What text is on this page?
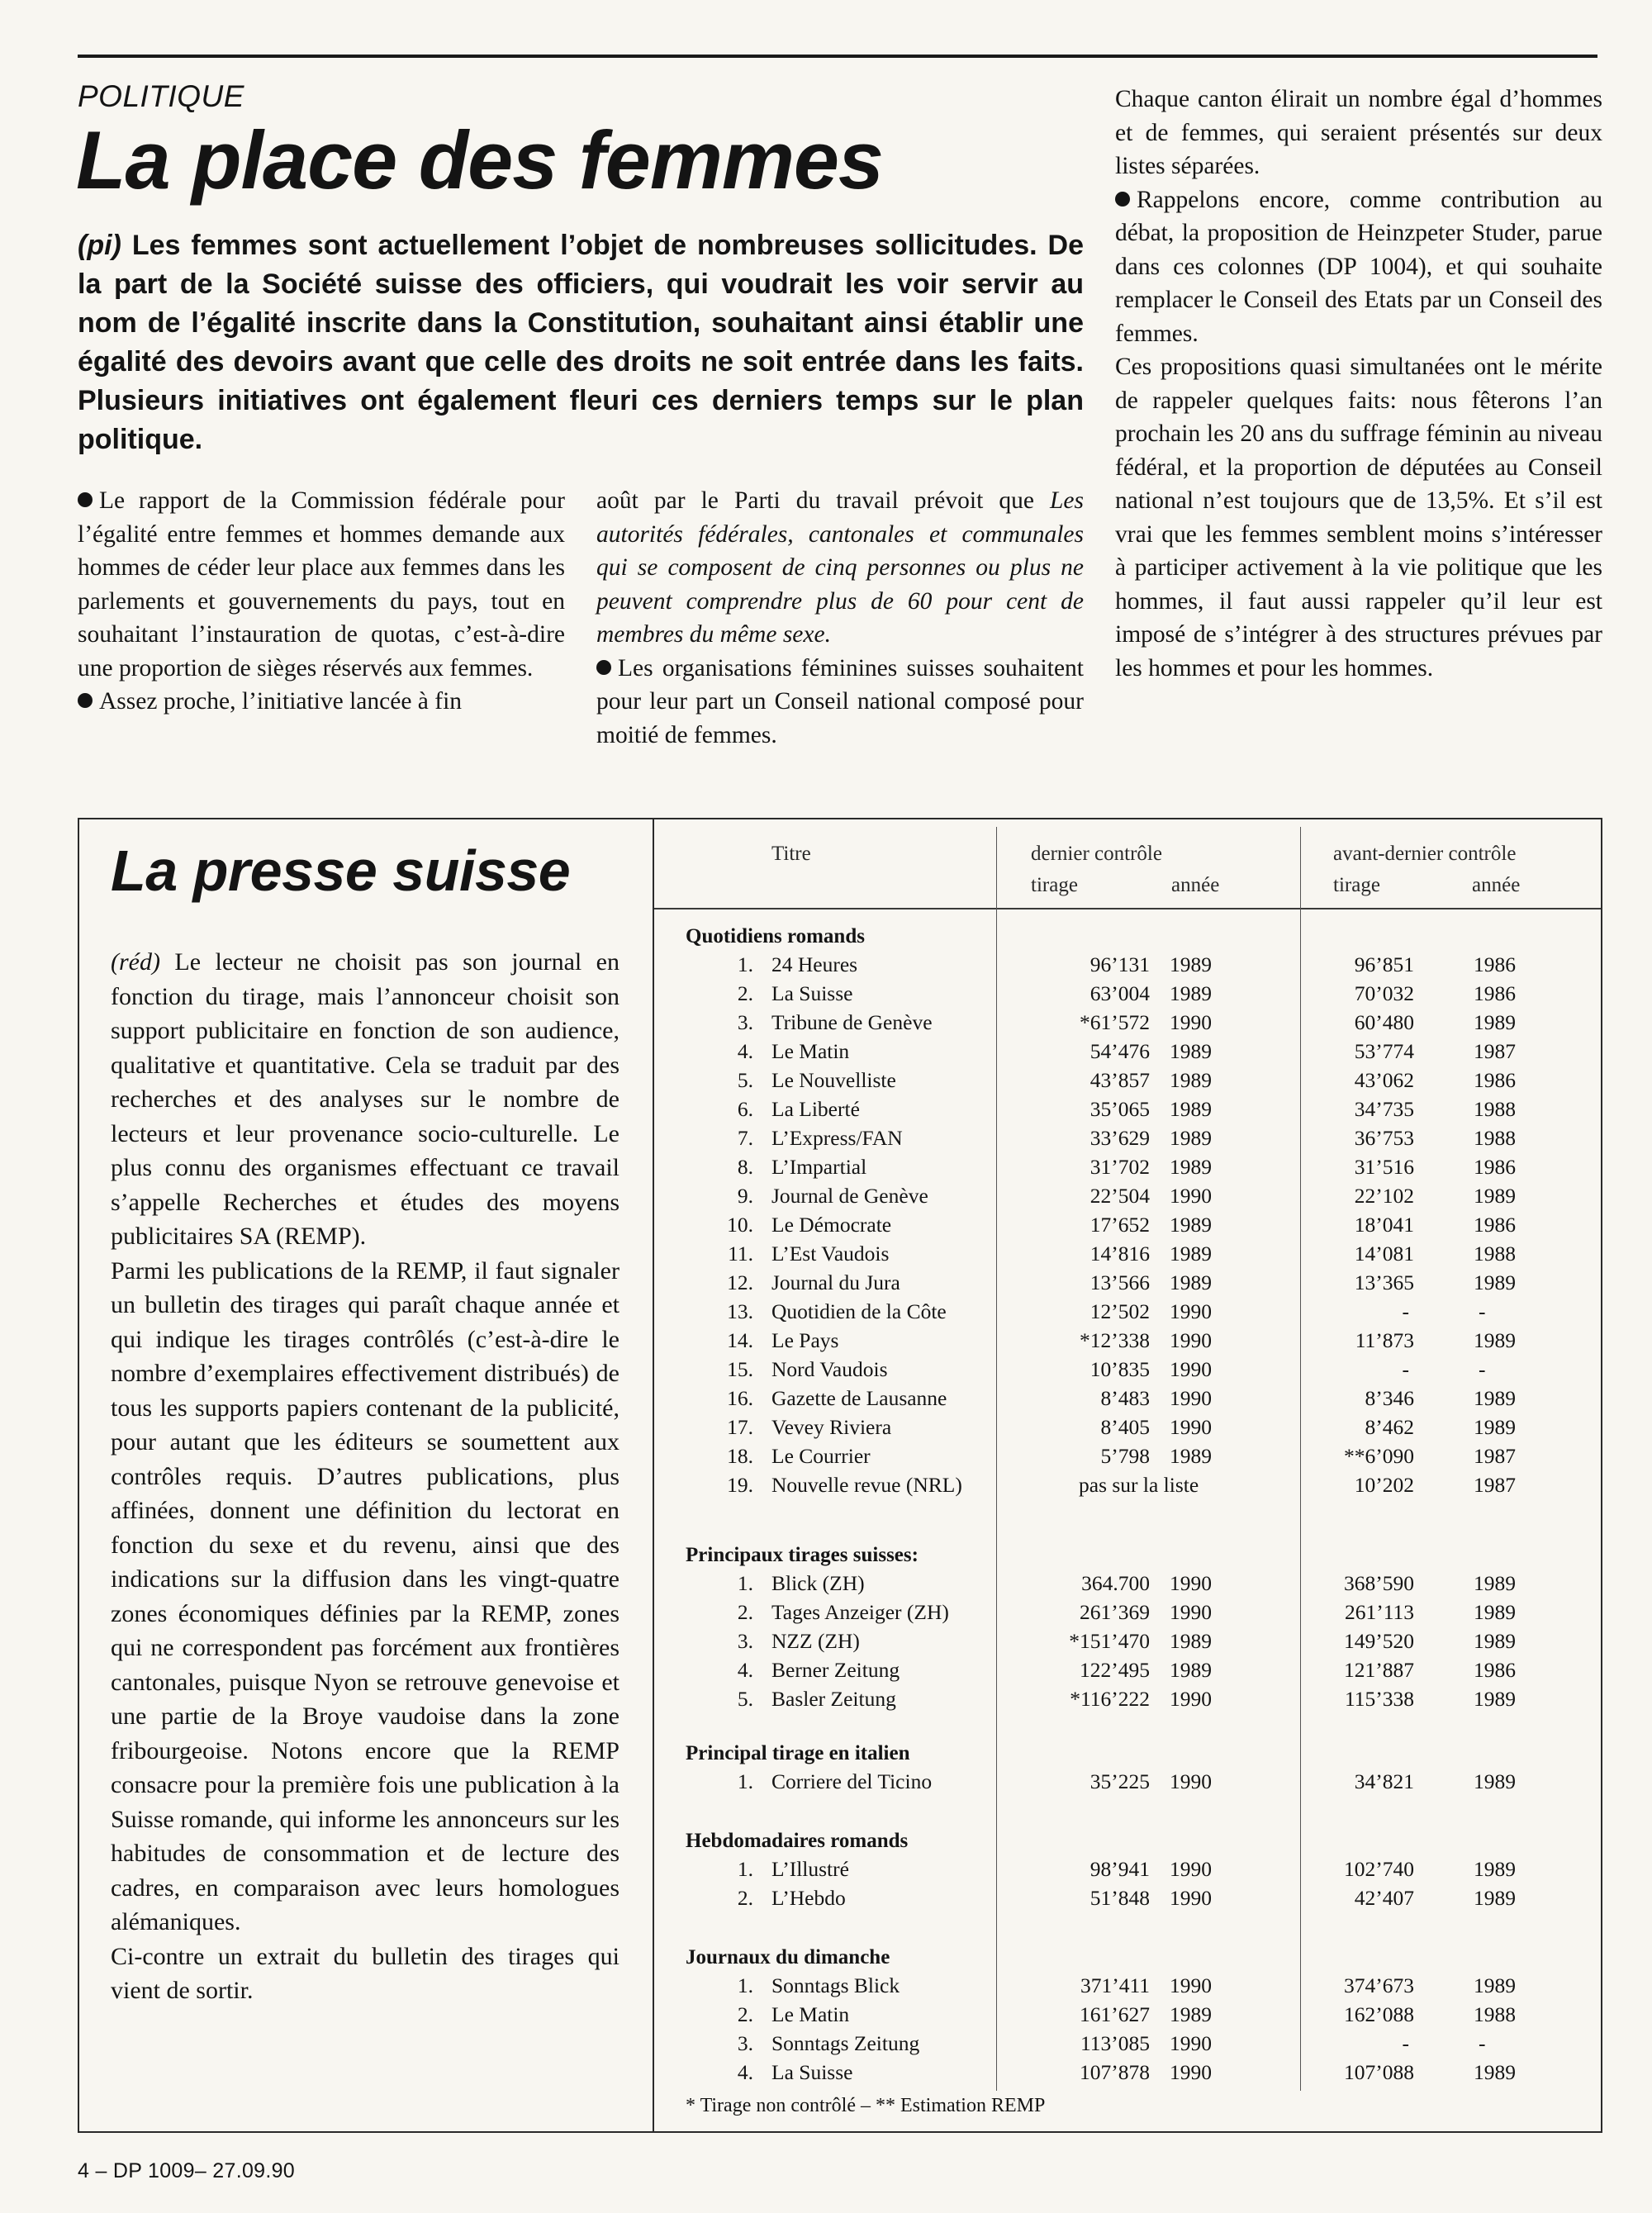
POLITIQUE
La place des femmes
(pi) Les femmes sont actuellement l’objet de nombreuses sollicitudes. De la part de la Société suisse des officiers, qui voudrait les voir servir au nom de l’égalité inscrite dans la Constitution, souhaitant ainsi établir une égalité des devoirs avant que celle des droits ne soit entrée dans les faits. Plusieurs initiatives ont également fleuri ces derniers temps sur le plan politique.

Le rapport de la Commission fédérale pour l’égalité entre femmes et hommes demande aux hommes de céder leur place aux femmes dans les parlements et gouvernements du pays, tout en souhaitant l’instauration de quotas, c’est-à-dire une proportion de sièges réservés aux femmes.

Assez proche, l’initiative lancée à fin

août par le Parti du travail prévoit que Les autorités fédérales, cantonales et communales qui se composent de cinq personnes ou plus ne peuvent comprendre plus de 60 pour cent de membres du même sexe.

Les organisations féminines suisses souhaitent pour leur part un Conseil national composé pour moitié de femmes.

Chaque canton élirait un nombre égal d’hommes et de femmes, qui seraient présentés sur deux listes séparées.

Rappelons encore, comme contribution au débat, la proposition de Heinzpeter Studer, parue dans ces colonnes (DP 1004), et qui souhaite remplacer le Conseil des Etats par un Conseil des femmes.

Ces propositions quasi simultanées ont le mérite de rappeler quelques faits: nous fêterons l’an prochain les 20 ans du suffrage féminin au niveau fédéral, et la proportion de députées au Conseil national n’est toujours que de 13,5%. Et s’il est vrai que les femmes semblent moins s’intéresser à participer activement à la vie politique que les hommes, il faut aussi rappeler qu’il leur est imposé de s’intégrer à des structures prévues par les hommes et pour les hommes.

La presse suisse

(réd) Le lecteur ne choisit pas son journal en fonction du tirage, mais l’annonceur choisit son support publicitaire en fonction de son audience, qualitative et quantitative. Cela se traduit par des recherches et des analyses sur le nombre de lecteurs et leur provenance socio-culturelle. Le plus connu des organismes effectuant ce travail s’appelle Recherches et études des moyens publicitaires SA (REMP).

Parmi les publications de la REMP, il faut signaler un bulletin des tirages qui paraît chaque année et qui indique les tirages contrôlés (c’est-à-dire le nombre d’exemplaires effectivement distribués) de tous les supports papiers contenant de la publicité, pour autant que les éditeurs se soumettent aux contrôles requis. D’autres publications, plus affinées, donnent une définition du lectorat en fonction du sexe et du revenu, ainsi que des indications sur la diffusion dans les vingt-quatre zones économiques définies par la REMP, zones qui ne correspondent pas forcément aux frontières cantonales, puisque Nyon se retrouve genevoise et une partie de la Broye vaudoise dans la zone fribourgeoise. Notons encore que la REMP consacre pour la première fois une publication à la Suisse romande, qui informe les annonceurs sur les habitudes de consommation et de lecture des cadres, en comparaison avec leurs homologues alémaniques.

Ci-contre un extrait du bulletin des tirages qui vient de sortir.

Titre	dernier contrôle
tirage	année
avant-dernier contrôle
tirage	année
Quotidiens romands
1. 24 Heures	96’131 1989	96’851	1986
2. La Suisse	63’004 1989	70’032	1986
3. Tribune de Genève	*61’572 1990	60’480	1989
4. Le Matin	54’476 1989	53’774	1987
5. Le Nouvelliste	43’857 1989	43’062	1986
6. La Liberté	35’065 1989	34’735	1988
7. L’Express/FAN	33’629 1989	36’753	1988
8. L’Impartial	31’702 1989	31’516	1986
9. Journal de Genève	22’504 1990	22’102	1989
10. Le Démocrate	17’652 1989	18’041	1986
11. L’Est Vaudois	14’816 1989	14’081	1988
12. Journal du Jura	13’566 1989	13’365	1989
13. Quotidien de la Côte	12’502 1990	-	-
14. Le Pays	*12’338 1990	11’873	1989
15. Nord Vaudois	10’835 1990	-	-
16. Gazette de Lausanne	8’483 1990	8’346	1989
17. Vevey Riviera	8’405 1990	8’462	1989
18. Le Courrier	5’798 1989	**6’090	1987
19. Nouvelle revue (NRL)	pas sur la liste	10’202	1987
Principaux tirages suisses:
1. Blick (ZH)	364.700 1990	368’590	1989
2. Tages Anzeiger (ZH)	261’369 1990	261’113	1989
3. NZZ (ZH)	*151’470 1989	149’520	1989
4. Berner Zeitung	122’495 1989	121’887	1986
5. Basler Zeitung	*116’222 1990	115’338	1989
Principal tirage en italien
1. Corriere del Ticino	35’225 1990	34’821	1989
Hebdomadaires romands
1. L’Illustré	98’941 1990	102’740	1989
2. L’Hebdo	51’848 1990	42’407	1989
Journaux du dimanche
1. Sonntags Blick	371’411 1990	374’673	1989
2. Le Matin	161’627 1989	162’088	1988
3. Sonntags Zeitung	113’085 1990	-	-
4. La Suisse	107’878 1990	107’088	1989
* Tirage non contrôlé – ** Estimation REMP
4 – DP 1009– 27.09.90
